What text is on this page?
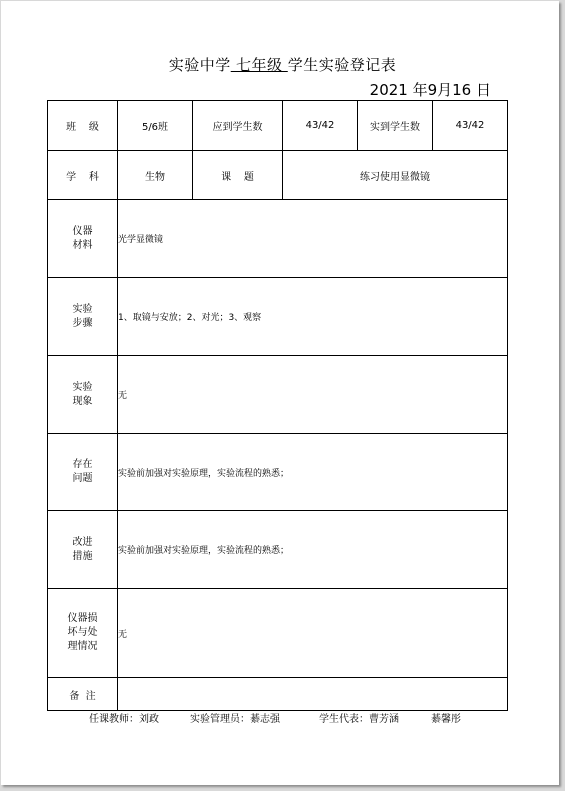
实验中学 七年级 学生实验登记表
2021 年9月16 日
班    级	5/6班	应到学生数	43/42	实到学生数	43/42
学    科	生物	课    题	练习使用显微镜		
仪器
材料	光学显微镜				
实验
步骤	1、取镜与安放；2、对光；3、观察				
实验
现象	无				
存在
问题	实验前加强对实验原理，实验流程的熟悉；				
改进
措施	实验前加强对实验原理，实验流程的熟悉；				
仪器损
坏与处
理情况	无				
备  注					
任课教师：刘政	实验管理员：綦志强	学生代表：曹芳涵	綦馨彤
